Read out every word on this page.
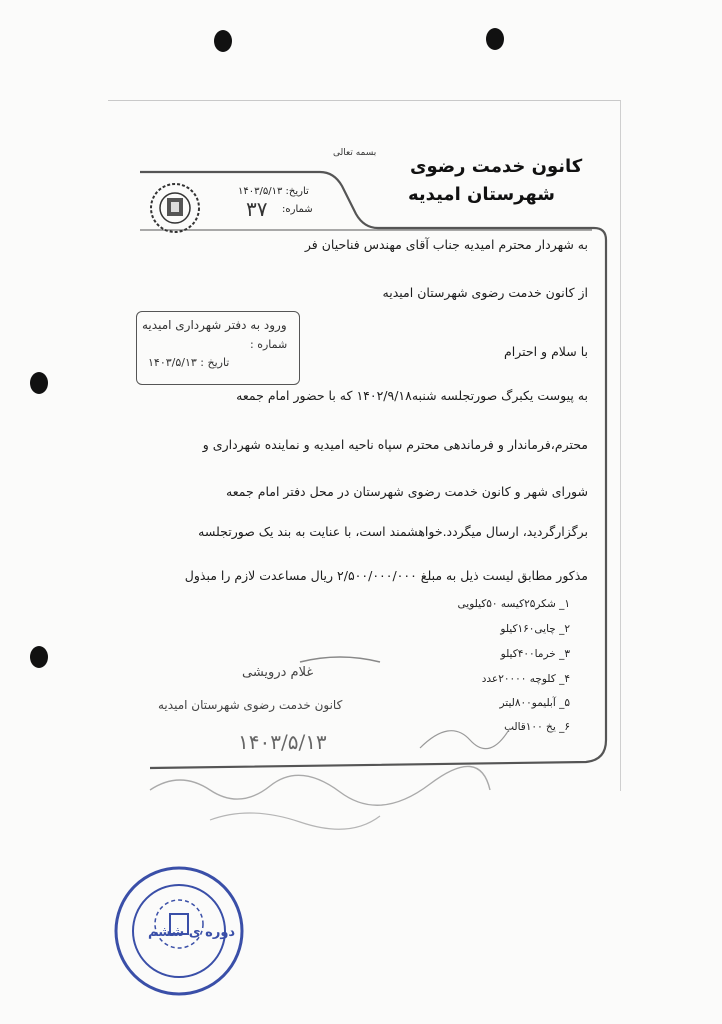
بسمه تعالی
کانون خدمت رضوی
شهرستان امیدیه
تاریخ: ۱۴۰۳/۵/۱۳
شماره:
۳۷
به شهردار محترم امیدیه جناب آقای مهندس فناحیان فر
از کانون خدمت رضوی شهرستان امیدیه
با سلام و احترام
به پیوست یکبرگ صورتجلسه شنبه۱۴۰۲/۹/۱۸ که با حضور امام جمعه
محترم،فرماندار و فرماندهی محترم سپاه ناحیه امیدیه و نماینده شهرداری و
شورای شهر و کانون خدمت رضوی شهرستان در محل دفتر امام جمعه
برگزارگردید، ارسال میگردد.خواهشمند است، با عنایت به بند یک صورتجلسه
مذکور مطابق لیست ذیل به مبلغ ۲/۵۰۰/۰۰۰/۰۰۰ ریال مساعدت لازم را مبذول
ورود به دفتر شهرداری امیدیه
شماره :
تاریخ : ۱۴۰۳/۵/۱۳
۱_ شکر۲۵کیسه ۵۰کیلویی
۲_ چایی۱۶۰کیلو
۳_ خرما۴۰۰کیلو
۴_ کلوچه ۲۰۰۰۰عدد
۵_ آبلیمو۸۰۰لیتر
۶_ یخ ۱۰۰قالب
غلام درویشی
کانون خدمت رضوی شهرستان امیدیه
۱۴۰۳/۵/۱۳
دوره ی ششم
